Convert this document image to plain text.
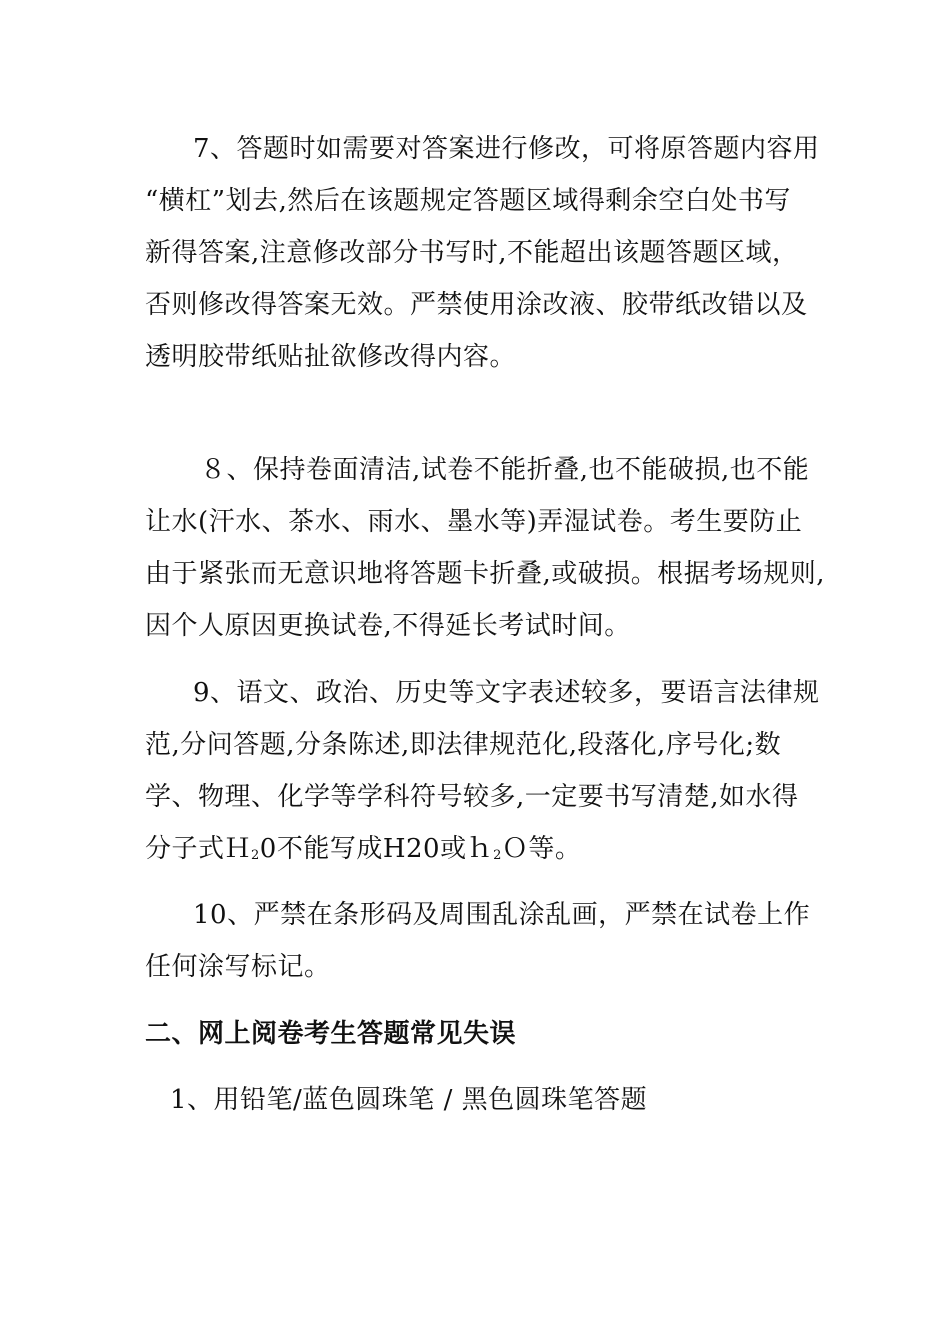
7、答题时如需要对答案进行修改，可将原答题内容用
“横杠”划去,然后在该题规定答题区域得剩余空白处书写
新得答案,注意修改部分书写时,不能超出该题答题区域，
否则修改得答案无效。严禁使用涂改液、胶带纸改错以及
透明胶带纸贴扯欲修改得内容。
８、保持卷面清洁,试卷不能折叠,也不能破损,也不能
让水(汗水、茶水、雨水、墨水等)弄湿试卷。考生要防止
由于紧张而无意识地将答题卡折叠,或破损。根据考场规则,
因个人原因更换试卷,不得延长考试时间。
9、语文、政治、历史等文字表述较多，要语言法律规
范,分问答题,分条陈述,即法律规范化,段落化,序号化;数
学、物理、化学等学科符号较多,一定要书写清楚,如水得
分子式Ｈ$_2$0不能写成H20或ｈ$_2$Ｏ等。
10、严禁在条形码及周围乱涂乱画，严禁在试卷上作
任何涂写标记。
二、网上阅卷考生答题常见失误
1、用铅笔/蓝色圆珠笔 / 黑色圆珠笔答题
